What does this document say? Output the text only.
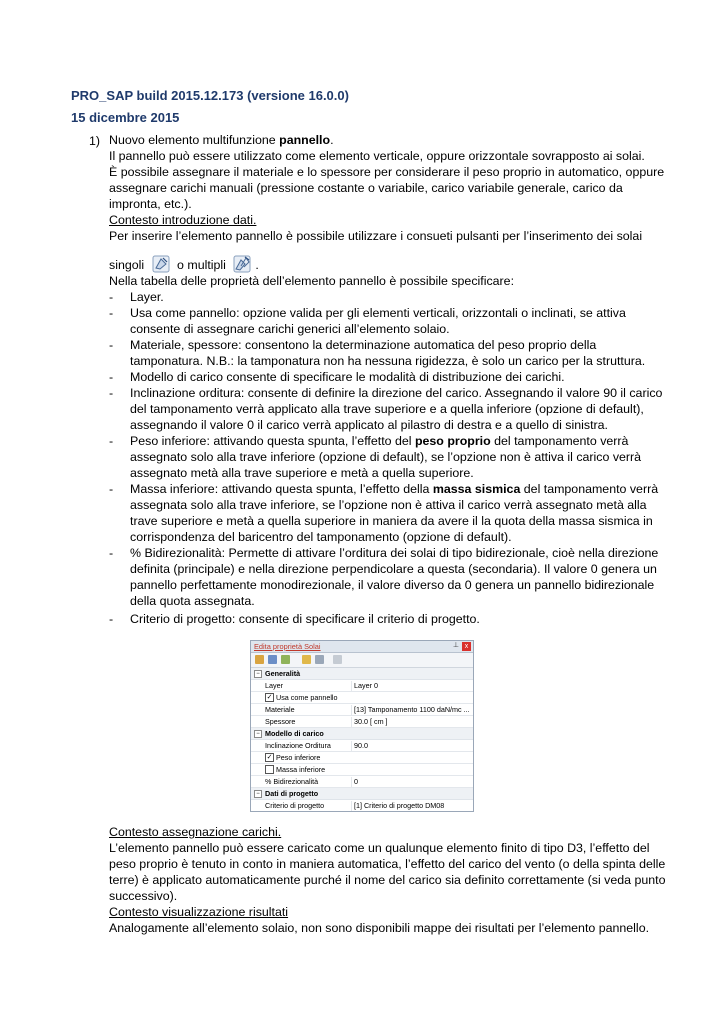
PRO_SAP build 2015.12.173 (versione 16.0.0)
15 dicembre 2015
1) Nuovo elemento multifunzione pannello.
Il pannello può essere utilizzato come elemento verticale, oppure orizzontale sovrapposto ai solai.
È possibile assegnare il materiale e lo spessore per considerare il peso proprio in automatico, oppure
assegnare carichi manuali (pressione costante o variabile, carico variabile generale, carico da
impronta, etc.).
Contesto introduzione dati.
Per inserire l’elemento pannello è possibile utilizzare i consueti pulsanti per l’inserimento dei solai
singoli	o multipli .
Nella tabella delle proprietà dell’elemento pannello è possibile specificare:
- Layer.
- Usa come pannello: opzione valida per gli elementi verticali, orizzontali o inclinati, se attiva
consente di assegnare carichi generici all’elemento solaio.
- Materiale, spessore: consentono la determinazione automatica del peso proprio della
tamponatura. N.B.: la tamponatura non ha nessuna rigidezza, è solo un carico per la struttura.
- Modello di carico consente di specificare le modalità di distribuzione dei carichi.
- Inclinazione orditura: consente di definire la direzione del carico. Assegnando il valore 90 il carico
del tamponamento verrà applicato alla trave superiore e a quella inferiore (opzione di default),
assegnando il valore 0 il carico verrà applicato al pilastro di destra e a quello di sinistra.
- Peso inferiore: attivando questa spunta, l’effetto del peso proprio del tamponamento verrà
assegnato solo alla trave inferiore (opzione di default), se l’opzione non è attiva il carico verrà
assegnato metà alla trave superiore e metà a quella superiore.
- Massa inferiore: attivando questa spunta, l’effetto della massa sismica del tamponamento verrà
assegnata solo alla trave inferiore, se l’opzione non è attiva il carico verrà assegnato metà alla
trave superiore e metà a quella superiore in maniera da avere il la quota della massa sismica in
corrispondenza del baricentro del tamponamento (opzione di default).
- % Bidirezionalità: Permette di attivare l’orditura dei solai di tipo bidirezionale, cioè nella direzione
definita (principale) e nella direzione perpendicolare a questa (secondaria). Il valore 0 genera un
pannello perfettamente monodirezionale, il valore diverso da 0 genera un pannello bidirezionale
della quota assegnata.
- Criterio di progetto: consente di specificare il criterio di progetto.
Edita proprietà Solai	⊥ x
− Generalità
Layer	Layer 0
✓ Usa come pannello
Materiale	[13] Tamponamento 1100 daN/mc ...
Spessore	30.0 [ cm ]
− Modello di carico
Inclinazione Orditura	90.0
✓ Peso inferiore
Massa inferiore
% Bidirezionalità	0
− Dati di progetto
Criterio di progetto	[1] Criterio di progetto DM08
Contesto assegnazione carichi.
L’elemento pannello può essere caricato come un qualunque elemento finito di tipo D3, l’effetto del
peso proprio è tenuto in conto in maniera automatica, l’effetto del carico del vento (o della spinta delle
terre) è applicato automaticamente purché il nome del carico sia definito correttamente (si veda punto
successivo).
Contesto visualizzazione risultati
Analogamente all’elemento solaio, non sono disponibili mappe dei risultati per l’elemento pannello.
